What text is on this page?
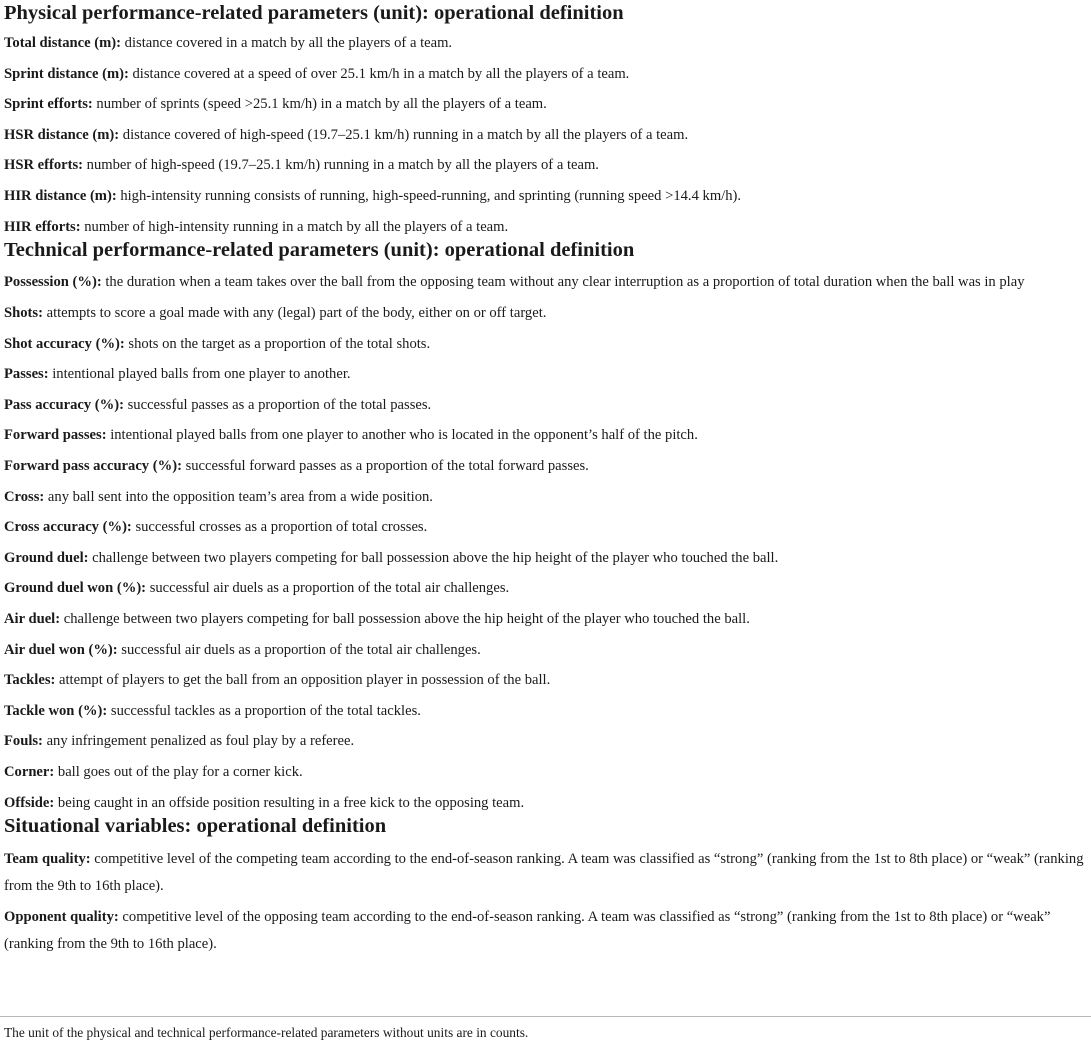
Physical performance-related parameters (unit): operational definition
Total distance (m): distance covered in a match by all the players of a team.
Sprint distance (m): distance covered at a speed of over 25.1 km/h in a match by all the players of a team.
Sprint efforts: number of sprints (speed >25.1 km/h) in a match by all the players of a team.
HSR distance (m): distance covered of high-speed (19.7–25.1 km/h) running in a match by all the players of a team.
HSR efforts: number of high-speed (19.7–25.1 km/h) running in a match by all the players of a team.
HIR distance (m): high-intensity running consists of running, high-speed-running, and sprinting (running speed >14.4 km/h).
HIR efforts: number of high-intensity running in a match by all the players of a team.
Technical performance-related parameters (unit): operational definition
Possession (%): the duration when a team takes over the ball from the opposing team without any clear interruption as a proportion of total duration when the ball was in play
Shots: attempts to score a goal made with any (legal) part of the body, either on or off target.
Shot accuracy (%): shots on the target as a proportion of the total shots.
Passes: intentional played balls from one player to another.
Pass accuracy (%): successful passes as a proportion of the total passes.
Forward passes: intentional played balls from one player to another who is located in the opponent’s half of the pitch.
Forward pass accuracy (%): successful forward passes as a proportion of the total forward passes.
Cross: any ball sent into the opposition team’s area from a wide position.
Cross accuracy (%): successful crosses as a proportion of total crosses.
Ground duel: challenge between two players competing for ball possession above the hip height of the player who touched the ball.
Ground duel won (%): successful air duels as a proportion of the total air challenges.
Air duel: challenge between two players competing for ball possession above the hip height of the player who touched the ball.
Air duel won (%): successful air duels as a proportion of the total air challenges.
Tackles: attempt of players to get the ball from an opposition player in possession of the ball.
Tackle won (%): successful tackles as a proportion of the total tackles.
Fouls: any infringement penalized as foul play by a referee.
Corner: ball goes out of the play for a corner kick.
Offside: being caught in an offside position resulting in a free kick to the opposing team.
Situational variables: operational definition
Team quality: competitive level of the competing team according to the end-of-season ranking. A team was classified as “strong” (ranking from the 1st to 8th place) or “weak” (ranking from the 9th to 16th place).
Opponent quality: competitive level of the opposing team according to the end-of-season ranking. A team was classified as “strong” (ranking from the 1st to 8th place) or “weak” (ranking from the 9th to 16th place).
The unit of the physical and technical performance-related parameters without units are in counts.
